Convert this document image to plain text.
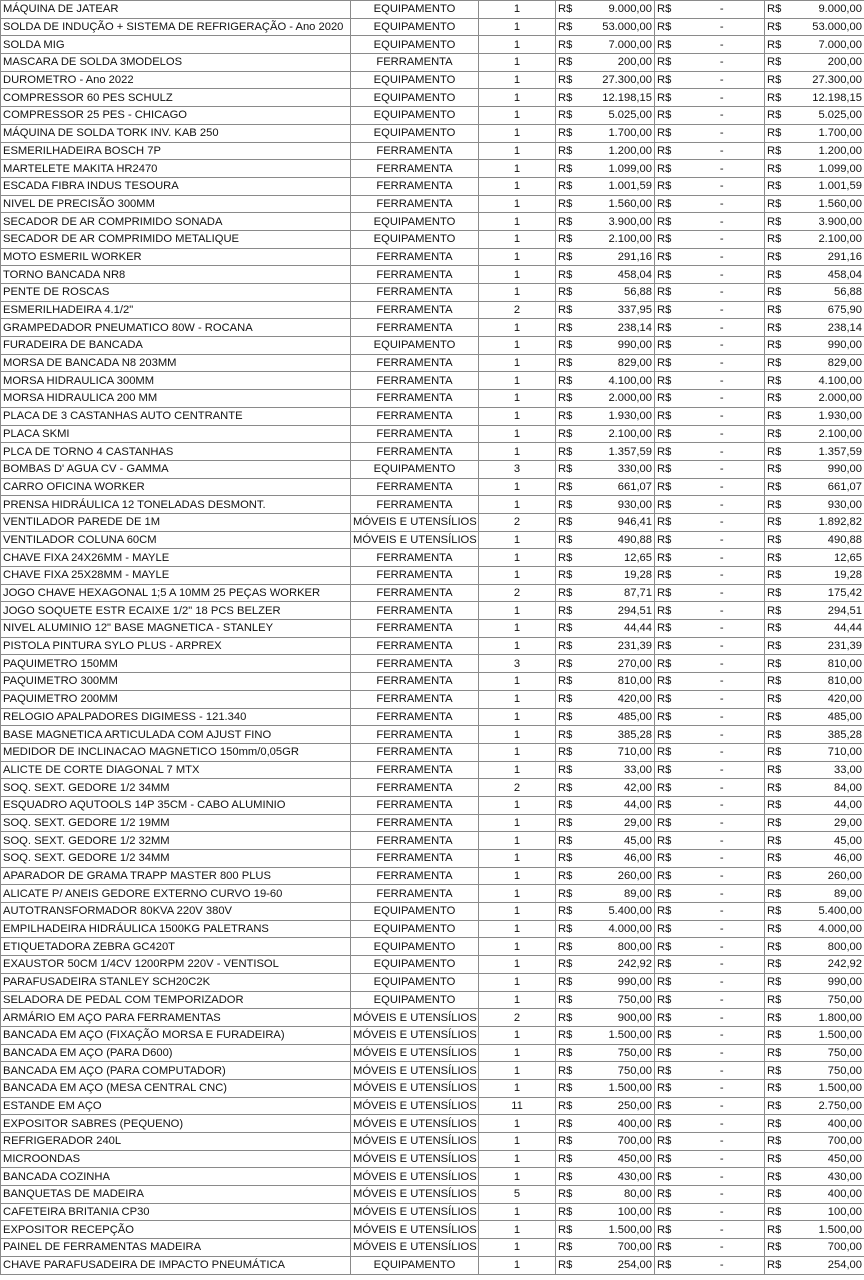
MÁQUINA DE JATEAR	EQUIPAMENTO	1	R$	9.000,00	R$	-	R$	9.000,00
SOLDA DE INDUÇÃO + SISTEMA DE REFRIGERAÇÃO - Ano 2020	EQUIPAMENTO	1	R$	53.000,00	R$	-	R$	53.000,00
SOLDA MIG	EQUIPAMENTO	1	R$	7.000,00	R$	-	R$	7.000,00
MASCARA DE SOLDA 3MODELOS	FERRAMENTA	1	R$	200,00	R$	-	R$	200,00
DUROMETRO - Ano 2022	EQUIPAMENTO	1	R$	27.300,00	R$	-	R$	27.300,00
COMPRESSOR 60 PES SCHULZ	EQUIPAMENTO	1	R$	12.198,15	R$	-	R$	12.198,15
COMPRESSOR 25 PES - CHICAGO	EQUIPAMENTO	1	R$	5.025,00	R$	-	R$	5.025,00
MÁQUINA DE SOLDA TORK INV. KAB 250	EQUIPAMENTO	1	R$	1.700,00	R$	-	R$	1.700,00
ESMERILHADEIRA BOSCH 7P	FERRAMENTA	1	R$	1.200,00	R$	-	R$	1.200,00
MARTELETE MAKITA HR2470	FERRAMENTA	1	R$	1.099,00	R$	-	R$	1.099,00
ESCADA FIBRA INDUS TESOURA	FERRAMENTA	1	R$	1.001,59	R$	-	R$	1.001,59
NIVEL DE PRECISÃO 300MM	FERRAMENTA	1	R$	1.560,00	R$	-	R$	1.560,00
SECADOR DE AR COMPRIMIDO SONADA	EQUIPAMENTO	1	R$	3.900,00	R$	-	R$	3.900,00
SECADOR DE AR COMPRIMIDO METALIQUE	EQUIPAMENTO	1	R$	2.100,00	R$	-	R$	2.100,00
MOTO ESMERIL WORKER	FERRAMENTA	1	R$	291,16	R$	-	R$	291,16
TORNO BANCADA NR8	FERRAMENTA	1	R$	458,04	R$	-	R$	458,04
PENTE DE ROSCAS	FERRAMENTA	1	R$	56,88	R$	-	R$	56,88
ESMERILHADEIRA 4.1/2"	FERRAMENTA	2	R$	337,95	R$	-	R$	675,90
GRAMPEDADOR PNEUMATICO 80W - ROCANA	FERRAMENTA	1	R$	238,14	R$	-	R$	238,14
FURADEIRA DE BANCADA	EQUIPAMENTO	1	R$	990,00	R$	-	R$	990,00
MORSA DE BANCADA N8 203MM	FERRAMENTA	1	R$	829,00	R$	-	R$	829,00
MORSA HIDRAULICA 300MM	FERRAMENTA	1	R$	4.100,00	R$	-	R$	4.100,00
MORSA HIDRAULICA 200 MM	FERRAMENTA	1	R$	2.000,00	R$	-	R$	2.000,00
PLACA DE 3 CASTANHAS AUTO CENTRANTE	FERRAMENTA	1	R$	1.930,00	R$	-	R$	1.930,00
PLACA SKMI	FERRAMENTA	1	R$	2.100,00	R$	-	R$	2.100,00
PLCA DE TORNO 4 CASTANHAS	FERRAMENTA	1	R$	1.357,59	R$	-	R$	1.357,59
BOMBAS D' AGUA CV - GAMMA	EQUIPAMENTO	3	R$	330,00	R$	-	R$	990,00
CARRO OFICINA WORKER	FERRAMENTA	1	R$	661,07	R$	-	R$	661,07
PRENSA HIDRÁULICA 12 TONELADAS DESMONT.	FERRAMENTA	1	R$	930,00	R$	-	R$	930,00
VENTILADOR PAREDE DE 1M	MÓVEIS E UTENSÍLIOS	2	R$	946,41	R$	-	R$	1.892,82
VENTILADOR COLUNA 60CM	MÓVEIS E UTENSÍLIOS	1	R$	490,88	R$	-	R$	490,88
CHAVE FIXA 24X26MM - MAYLE	FERRAMENTA	1	R$	12,65	R$	-	R$	12,65
CHAVE FIXA 25X28MM - MAYLE	FERRAMENTA	1	R$	19,28	R$	-	R$	19,28
JOGO CHAVE HEXAGONAL 1;5 A 10MM 25 PEÇAS WORKER	FERRAMENTA	2	R$	87,71	R$	-	R$	175,42
JOGO SOQUETE ESTR ECAIXE 1/2" 18 PCS BELZER	FERRAMENTA	1	R$	294,51	R$	-	R$	294,51
NIVEL ALUMINIO 12" BASE MAGNETICA - STANLEY	FERRAMENTA	1	R$	44,44	R$	-	R$	44,44
PISTOLA PINTURA SYLO PLUS - ARPREX	FERRAMENTA	1	R$	231,39	R$	-	R$	231,39
PAQUIMETRO 150MM	FERRAMENTA	3	R$	270,00	R$	-	R$	810,00
PAQUIMETRO 300MM	FERRAMENTA	1	R$	810,00	R$	-	R$	810,00
PAQUIMETRO 200MM	FERRAMENTA	1	R$	420,00	R$	-	R$	420,00
RELOGIO APALPADORES DIGIMESS - 121.340	FERRAMENTA	1	R$	485,00	R$	-	R$	485,00
BASE MAGNETICA ARTICULADA COM AJUST FINO	FERRAMENTA	1	R$	385,28	R$	-	R$	385,28
MEDIDOR DE INCLINACAO MAGNETICO 150mm/0,05GR	FERRAMENTA	1	R$	710,00	R$	-	R$	710,00
ALICTE DE CORTE DIAGONAL 7 MTX	FERRAMENTA	1	R$	33,00	R$	-	R$	33,00
SOQ. SEXT. GEDORE 1/2 34MM	FERRAMENTA	2	R$	42,00	R$	-	R$	84,00
ESQUADRO AQUTOOLS 14P 35CM - CABO ALUMINIO	FERRAMENTA	1	R$	44,00	R$	-	R$	44,00
SOQ. SEXT. GEDORE 1/2 19MM	FERRAMENTA	1	R$	29,00	R$	-	R$	29,00
SOQ. SEXT. GEDORE 1/2 32MM	FERRAMENTA	1	R$	45,00	R$	-	R$	45,00
SOQ. SEXT. GEDORE 1/2 34MM	FERRAMENTA	1	R$	46,00	R$	-	R$	46,00
APARADOR DE GRAMA TRAPP MASTER 800 PLUS	FERRAMENTA	1	R$	260,00	R$	-	R$	260,00
ALICATE P/ ANEIS GEDORE EXTERNO CURVO 19-60	FERRAMENTA	1	R$	89,00	R$	-	R$	89,00
AUTOTRANSFORMADOR 80KVA 220V 380V	EQUIPAMENTO	1	R$	5.400,00	R$	-	R$	5.400,00
EMPILHADEIRA HIDRÁULICA 1500KG PALETRANS	EQUIPAMENTO	1	R$	4.000,00	R$	-	R$	4.000,00
ETIQUETADORA ZEBRA GC420T	EQUIPAMENTO	1	R$	800,00	R$	-	R$	800,00
EXAUSTOR 50CM 1/4CV 1200RPM 220V - VENTISOL	EQUIPAMENTO	1	R$	242,92	R$	-	R$	242,92
PARAFUSADEIRA STANLEY SCH20C2K	EQUIPAMENTO	1	R$	990,00	R$	-	R$	990,00
SELADORA DE PEDAL COM TEMPORIZADOR	EQUIPAMENTO	1	R$	750,00	R$	-	R$	750,00
ARMÁRIO EM AÇO PARA FERRAMENTAS	MÓVEIS E UTENSÍLIOS	2	R$	900,00	R$	-	R$	1.800,00
BANCADA EM AÇO (FIXAÇÃO MORSA E FURADEIRA)	MÓVEIS E UTENSÍLIOS	1	R$	1.500,00	R$	-	R$	1.500,00
BANCADA EM AÇO (PARA D600)	MÓVEIS E UTENSÍLIOS	1	R$	750,00	R$	-	R$	750,00
BANCADA EM AÇO (PARA COMPUTADOR)	MÓVEIS E UTENSÍLIOS	1	R$	750,00	R$	-	R$	750,00
BANCADA EM AÇO (MESA CENTRAL CNC)	MÓVEIS E UTENSÍLIOS	1	R$	1.500,00	R$	-	R$	1.500,00
ESTANDE EM AÇO	MÓVEIS E UTENSÍLIOS	11	R$	250,00	R$	-	R$	2.750,00
EXPOSITOR SABRES (PEQUENO)	MÓVEIS E UTENSÍLIOS	1	R$	400,00	R$	-	R$	400,00
REFRIGERADOR 240L	MÓVEIS E UTENSÍLIOS	1	R$	700,00	R$	-	R$	700,00
MICROONDAS	MÓVEIS E UTENSÍLIOS	1	R$	450,00	R$	-	R$	450,00
BANCADA COZINHA	MÓVEIS E UTENSÍLIOS	1	R$	430,00	R$	-	R$	430,00
BANQUETAS DE MADEIRA	MÓVEIS E UTENSÍLIOS	5	R$	80,00	R$	-	R$	400,00
CAFETEIRA BRITANIA CP30	MÓVEIS E UTENSÍLIOS	1	R$	100,00	R$	-	R$	100,00
EXPOSITOR RECEPÇÃO	MÓVEIS E UTENSÍLIOS	1	R$	1.500,00	R$	-	R$	1.500,00
PAINEL DE FERRAMENTAS MADEIRA	MÓVEIS E UTENSÍLIOS	1	R$	700,00	R$	-	R$	700,00
CHAVE PARAFUSADEIRA DE IMPACTO PNEUMÁTICA	EQUIPAMENTO	1	R$	254,00	R$	-	R$	254,00
